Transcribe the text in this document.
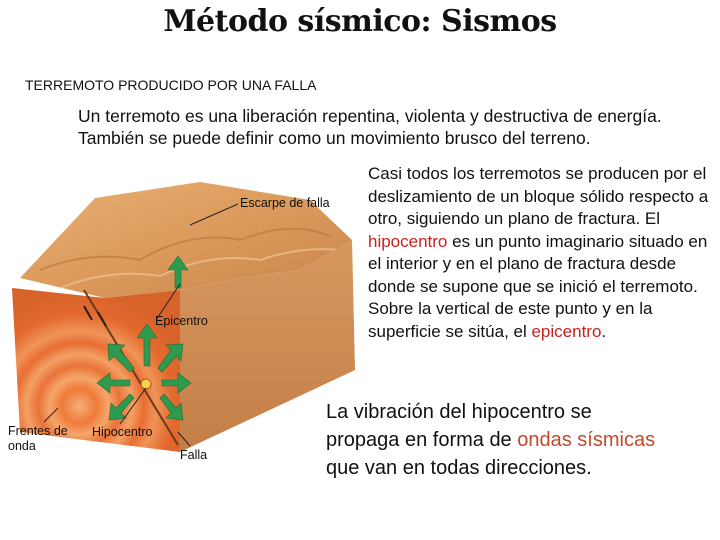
Método sísmico: Sismos
TERREMOTO PRODUCIDO POR UNA FALLA
Un terremoto es una liberación repentina, violenta y destructiva de energía. También se puede definir como un movimiento brusco del terreno.
Casi todos los terremotos se producen por el deslizamiento de un bloque sólido respecto a otro, siguiendo un plano de fractura. El hipocentro es un punto imaginario situado en el interior y en el plano de fractura desde donde se supone que se inició el terremoto. Sobre la vertical de este punto y en la superficie se sitúa, el epicentro.
La vibración del hipocentro se propaga en forma de ondas sísmicas que van en todas direcciones.
Escarpe de falla
Epicentro
Frentes de onda
Hipocentro
Falla
